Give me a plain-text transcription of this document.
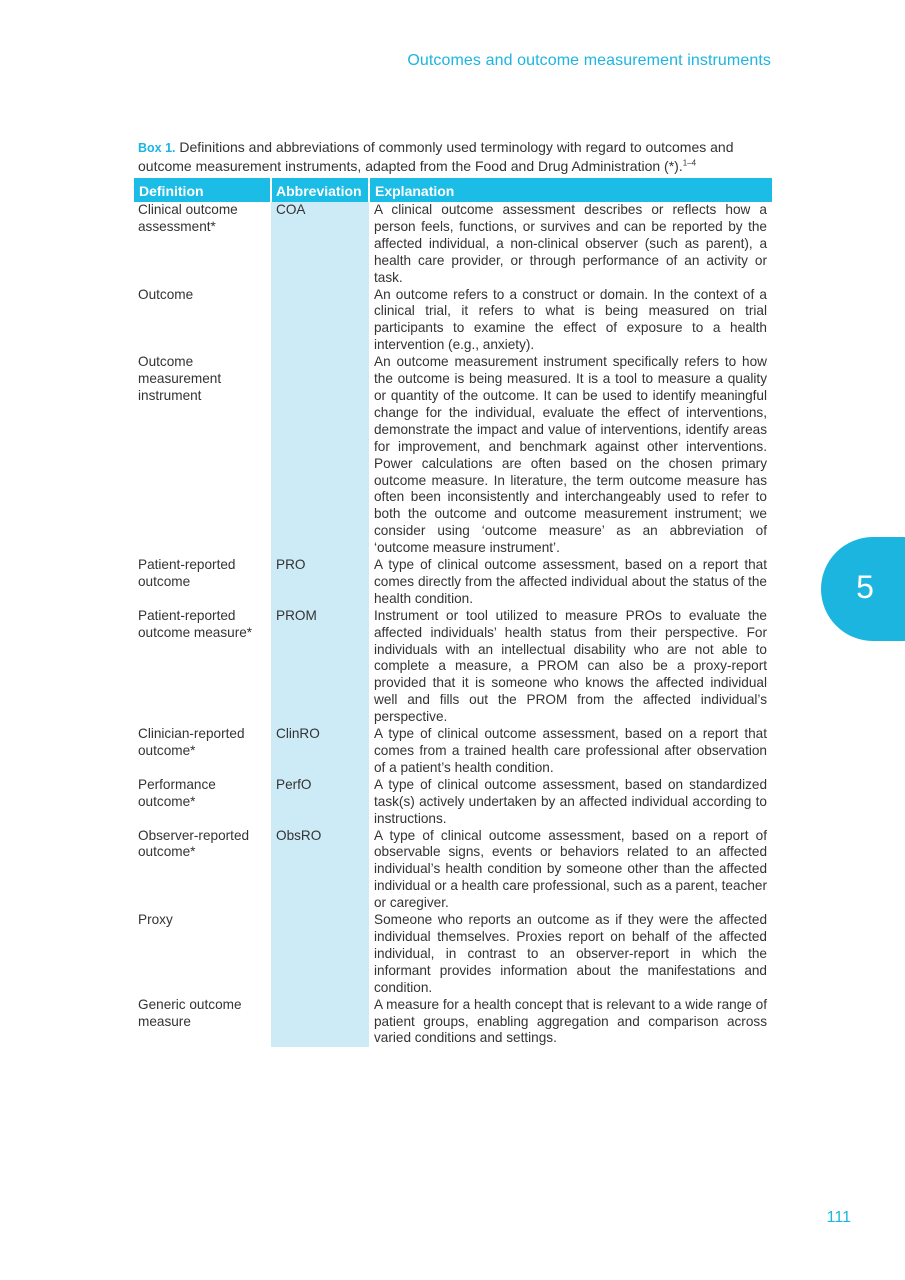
Outcomes and outcome measurement instruments
Box 1. Definitions and abbreviations of commonly used terminology with regard to outcomes and outcome measurement instruments, adapted from the Food and Drug Administration (*).$^{1-4}$
Definition	Abbreviation	Explanation
Clinical outcome assessment*	COA	A clinical outcome assessment describes or reflects how a person feels, functions, or survives and can be reported by the affected individual, a non-clinical observer (such as parent), a health care provider, or through performance of an activity or task.
Outcome		An outcome refers to a construct or domain. In the context of a clinical trial, it refers to what is being measured on trial participants to examine the effect of exposure to a health intervention (e.g., anxiety).
Outcome measurement instrument		An outcome measurement instrument specifically refers to how the outcome is being measured. It is a tool to measure a quality or quantity of the outcome. It can be used to identify meaningful change for the individual, evaluate the effect of interventions, demonstrate the impact and value of interventions, identify areas for improvement, and benchmark against other interventions. Power calculations are often based on the chosen primary outcome measure. In literature, the term outcome measure has often been inconsistently and interchangeably used to refer to both the outcome and outcome measurement instrument; we consider using ‘outcome measure’ as an abbreviation of ‘outcome measure instrument’.
Patient-reported outcome	PRO	A type of clinical outcome assessment, based on a report that comes directly from the affected individual about the status of the health condition.
Patient-reported outcome measure*	PROM	Instrument or tool utilized to measure PROs to evaluate the affected individuals’ health status from their perspective. For individuals with an intellectual disability who are not able to complete a measure, a PROM can also be a proxy-report provided that it is someone who knows the affected individual well and fills out the PROM from the affected individual’s perspective.
Clinician-reported outcome*	ClinRO	A type of clinical outcome assessment, based on a report that comes from a trained health care professional after observation of a patient’s health condition.
Performance outcome*	PerfO	A type of clinical outcome assessment, based on standardized task(s) actively undertaken by an affected individual according to instructions.
Observer-reported outcome*	ObsRO	A type of clinical outcome assessment, based on a report of observable signs, events or behaviors related to an affected individual’s health condition by someone other than the affected individual or a health care professional, such as a parent, teacher or caregiver.
Proxy		Someone who reports an outcome as if they were the affected individual themselves. Proxies report on behalf of the affected individual, in contrast to an observer-report in which the informant provides information about the manifestations and condition.
Generic outcome measure		A measure for a health concept that is relevant to a wide range of patient groups, enabling aggregation and comparison across varied conditions and settings.
5
111
